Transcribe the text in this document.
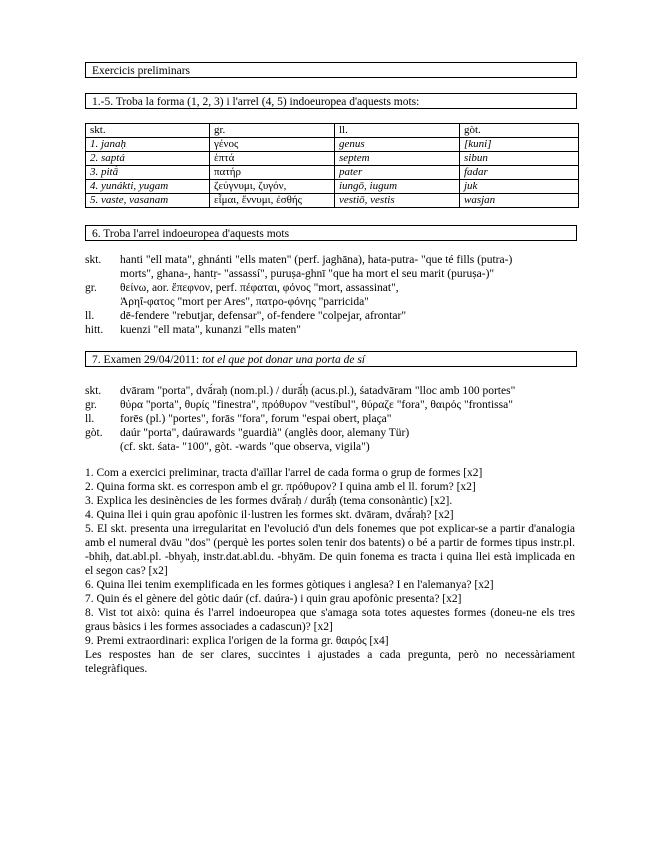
Exercicis preliminars
1.-5. Troba la forma (1, 2, 3) i l'arrel (4, 5) indoeuropea d'aquests mots:
skt.	gr.	ll.	gòt.
1. janaḥ	γένος	genus	[kuni]
2. saptá	ἑπτά	septem	sibun
3. pitā́	πατήρ	pater	fadar
4. yunákti, yugam	ζεύγνυμι, ζυγόν,	iungō, iugum	juk
5. vaste, vasanam	εἷμαι, ἕννυμι, ἐσθής	vestiō, vestis	wasjan
6. Troba l'arrel indoeuropea d'aquests mots
skt.	hanti "ell mata", ghnánti "ells maten" (perf. jaghāna), hata-putra- "que té fills (putra-)
morts", ghana-, hantṛ- "assassí", puruṣa-ghnī "que ha mort el seu marit (puruṣa-)"
gr.	θείνω, aor. ἔπεφνον, perf. πέφαται, φόνος "mort, assassinat",
Ἀρηΐ-φατος "mort per Ares", πατρο-φόνης "parricida"
ll.	dē-fendere "rebutjar, defensar", of-fendere "colpejar, afrontar"
hitt.	kuenzi "ell mata", kunanzi "ells maten"
7. Examen 29/04/2011: tot el que pot donar una porta de sí
skt.	dvāram "porta", dvā́raḥ (nom.pl.) / durā́ḥ (acus.pl.), śatadvāram "lloc amb 100 portes"
gr.	θύρα "porta", θυρίς "finestra", πρόθυρον "vestíbul", θύραζε "fora", θαιρός "frontissa"
ll.	forēs (pl.) "portes", forās "fora", forum "espai obert, plaça"
gòt.	daúr "porta", daúrawards "guardià" (anglès door, alemany Tür)
(cf. skt. śata- "100", gòt. -wards "que observa, vigila")

1. Com a exercici preliminar, tracta d'aïllar l'arrel de cada forma o grup de formes [x2]

2. Quina forma skt. es correspon amb el gr. πρόθυρον? I quina amb el ll. forum? [x2]

3. Explica les desinències de les formes dvā́raḥ / durā́ḥ (tema consonàntic) [x2].

4. Quina llei i quin grau apofònic il·lustren les formes skt. dvāram, dvā́raḥ? [x2]

5. El skt. presenta una irregularitat en l'evolució d'un dels fonemes que pot explicar-se a partir d'analogia amb el numeral dvāu "dos" (perquè les portes solen tenir dos batents) o bé a partir de formes tipus instr.pl. -bhiḥ, dat.abl.pl. -bhyaḥ, instr.dat.abl.du. -bhyām. De quin fonema es tracta i quina llei està implicada en el segon cas? [x2]

6. Quina llei tenim exemplificada en les formes gòtiques i anglesa? I en l'alemanya? [x2]

7. Quin és el gènere del gòtic daúr (cf. daúra-) i quin grau apofònic presenta? [x2]

8. Vist tot això: quina és l'arrel indoeuropea que s'amaga sota totes aquestes formes (doneu-ne els tres graus bàsics i les formes associades a cadascun)? [x2]

9. Premi extraordinari: explica l'origen de la forma gr. θαιρός [x4]

Les respostes han de ser clares, succintes i ajustades a cada pregunta, però no necessàriament telegràfiques.
